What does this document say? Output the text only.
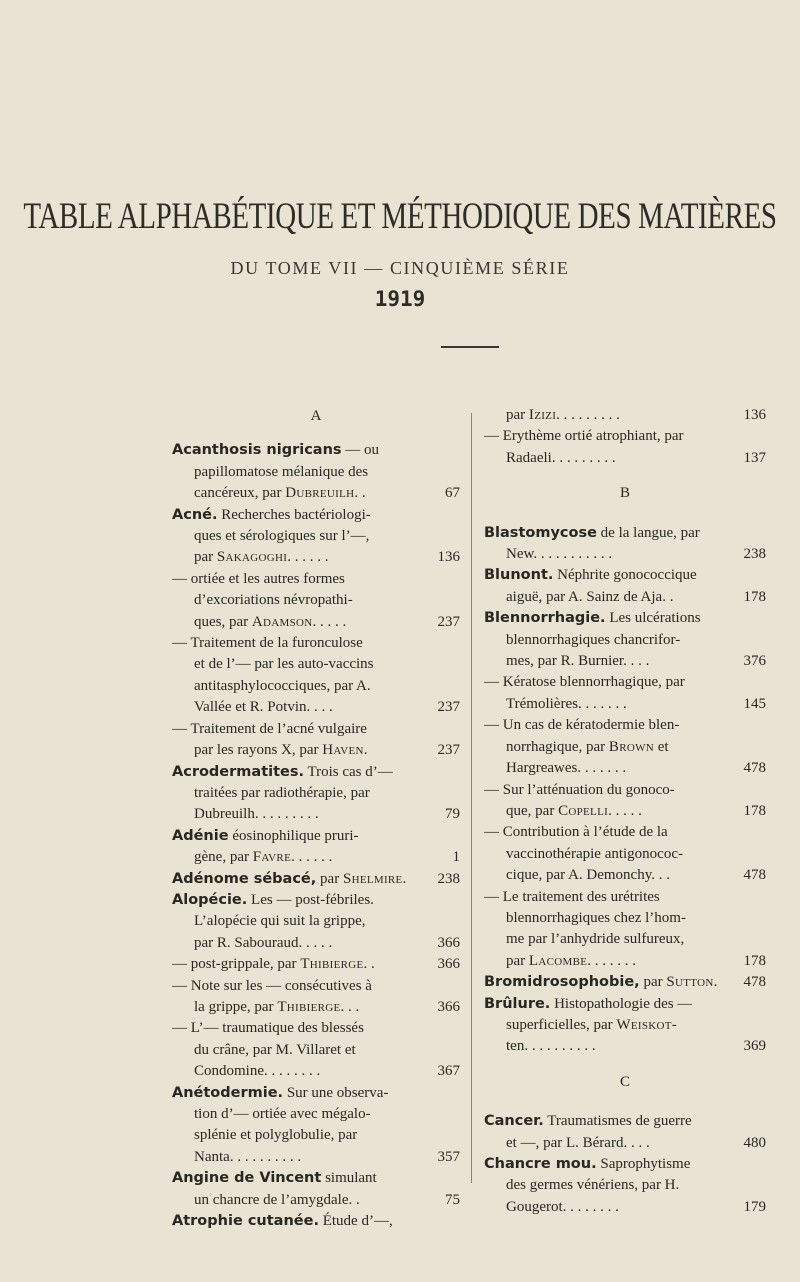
TABLE ALPHABÉTIQUE ET MÉTHODIQUE DES MATIÈRES
DU TOME VII — CINQUIÈME SÉRIE
1919
A
Acanthosis nigricans — ou
papillomatose mélanique des
cancéreux, par Dubreuilh. .	67
Acné. Recherches bactériologi-
ques et sérologiques sur l’—,
par Sakagoghi. . . . . .	136
— ortiée et les autres formes
d’excoriations névropathi-
ques, par Adamson. . . . .	237
— Traitement de la furonculose
et de l’— par les auto-vaccins
antitasphylococciques, par A.
Vallée et R. Potvin. . . .	237
— Traitement de l’acné vulgaire
par les rayons X, par Haven.	237
Acrodermatites. Trois cas d’—
traitées par radiothérapie, par
Dubreuilh. . . . . . . . .	79
Adénie éosinophilique pruri-
gène, par Favre. . . . . .	1
Adénome sébacé, par Shelmire.	238
Alopécie. Les — post-fébriles.
L’alopécie qui suit la grippe,
par R. Sabouraud. . . . .	366
— post-grippale, par Thibierge. .	366
— Note sur les — consécutives à
la grippe, par Thibierge. . .	366
— L’— traumatique des blessés
du crâne, par M. Villaret et
Condomine. . . . . . . .	367
Anétodermie. Sur une observa-
tion d’— ortiée avec mégalo-
splénie et polyglobulie, par
Nanta. . . . . . . . . .	357
Angine de Vincent simulant
un chancre de l’amygdale. .	75
Atrophie cutanée. Étude d’—,
par Izizi. . . . . . . . .	136
— Erythème ortié atrophiant, par
Radaeli. . . . . . . . .	137
B
Blastomycose de la langue, par
New. . . . . . . . . . .	238
Blunont. Néphrite gonococcique
aiguë, par A. Sainz de Aja. .	178
Blennorrhagie. Les ulcérations
blennorrhagiques chancrifor-
mes, par R. Burnier. . . .	376
— Kératose blennorrhagique, par
Trémolières. . . . . . .	145
— Un cas de kératodermie blen-
norrhagique, par Brown et
Hargreawes. . . . . . .	478
— Sur l’atténuation du gonoco-
que, par Copelli. . . . .	178
— Contribution à l’étude de la
vaccinothérapie antigonococ-
cique, par A. Demonchy. . .	478
— Le traitement des urétrites
blennorrhagiques chez l’hom-
me par l’anhydride sulfureux,
par Lacombe. . . . . . .	178
Bromidrosophobie, par Sutton.	478
Brûlure. Histopathologie des —
superficielles, par Weiskot-
ten. . . . . . . . . .	369
C
Cancer. Traumatismes de guerre
et —, par L. Bérard. . . .	480
Chancre mou. Saprophytisme
des germes vénériens, par H.
Gougerot. . . . . . . .	179
